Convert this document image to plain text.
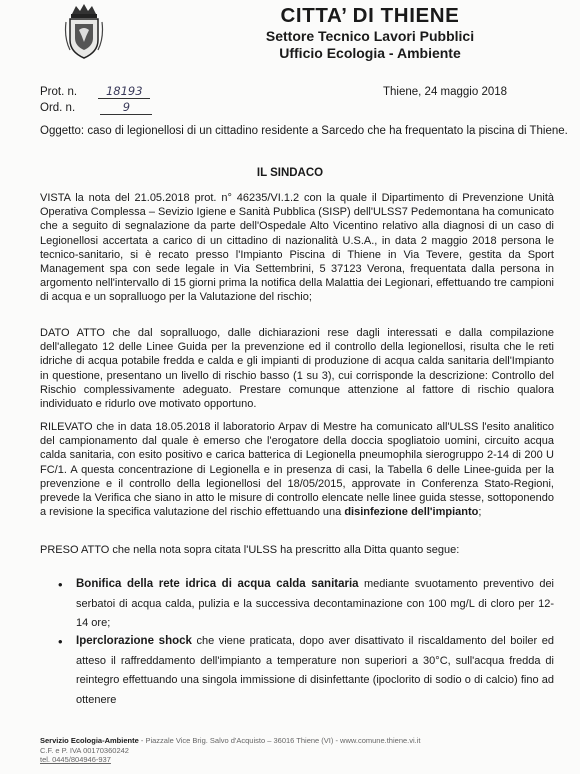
CITTA’ DI THIENE
Settore Tecnico Lavori Pubblici
Ufficio Ecologia - Ambiente
Prot. n.	18193
Ord. n.	9
Thiene, 24 maggio 2018
Oggetto: caso di legionellosi di un cittadino residente a Sarcedo che ha frequentato la piscina di Thiene.
IL SINDACO
VISTA la nota del 21.05.2018 prot. n° 46235/VI.1.2 con la quale il Dipartimento di Prevenzione Unità Operativa Complessa – Sevizio Igiene e Sanità Pubblica (SISP) dell'ULSS7 Pedemontana ha comunicato che a seguito di segnalazione da parte dell'Ospedale Alto Vicentino relativo alla diagnosi di un caso di Legionellosi accertata a carico di un cittadino di nazionalità U.S.A., in data 2 maggio 2018 persona le tecnico-sanitario, si è recato presso l'Impianto Piscina di Thiene in Via Tevere, gestita da Sport Management spa con sede legale in Via Settembrini, 5 37123 Verona, frequentata dalla persona in argomento nell'intervallo di 15 giorni prima la notifica della Malattia dei Legionari, effettuando tre campioni di acqua e un sopralluogo per la Valutazione del rischio;
DATO ATTO che dal sopralluogo, dalle dichiarazioni rese dagli interessati e dalla compilazione dell'allegato 12 delle Linee Guida per la prevenzione ed il controllo della legionellosi, risulta che le reti idriche di acqua potabile fredda e calda e gli impianti di produzione di acqua calda sanitaria dell'Impianto in questione, presentano un livello di rischio basso (1 su 3), cui corrisponde la descrizione: Controllo del Rischio complessivamente adeguato. Prestare comunque attenzione al fattore di rischio qualora individuato e ridurlo ove motivato opportuno.
RILEVATO che in data 18.05.2018 il laboratorio Arpav di Mestre ha comunicato all'ULSS l'esito analitico del campionamento dal quale è emerso che l'erogatore della doccia spogliatoio uomini, circuito acqua calda sanitaria, con esito positivo e carica batterica di Legionella pneumophila sierogruppo 2-14 di 200 U FC/1. A questa concentrazione di Legionella e in presenza di casi, la Tabella 6 delle Linee-guida per la prevenzione e il controllo della legionellosi del 18/05/2015, approvate in Conferenza Stato-Regioni, prevede la Verifica che siano in atto le misure di controllo elencate nelle linee guida stesse, sottoponendo a revisione la specifica valutazione del rischio effettuando una disinfezione dell'impianto;
PRESO ATTO che nella nota sopra citata l'ULSS ha prescritto alla Ditta quanto segue:
• Bonifica della rete idrica di acqua calda sanitaria mediante svuotamento preventivo dei serbatoi di acqua calda, pulizia e la successiva decontaminazione con 100 mg/L di cloro per 12-14 ore;
• Iperclorazione shock che viene praticata, dopo aver disattivato il riscaldamento del boiler ed atteso il raffreddamento dell'impianto a temperature non superiori a 30°C, sull'acqua fredda di reintegro effettuando una singola immissione di disinfettante (ipoclorito di sodio o di calcio) fino ad ottenere
Servizio Ecologia-Ambiente - Piazzale Vice Brig. Salvo d'Acquisto – 36016 Thiene (VI) - www.comune.thiene.vi.it
C.F. e P. IVA 00170360242
tel. 0445/804946-937
